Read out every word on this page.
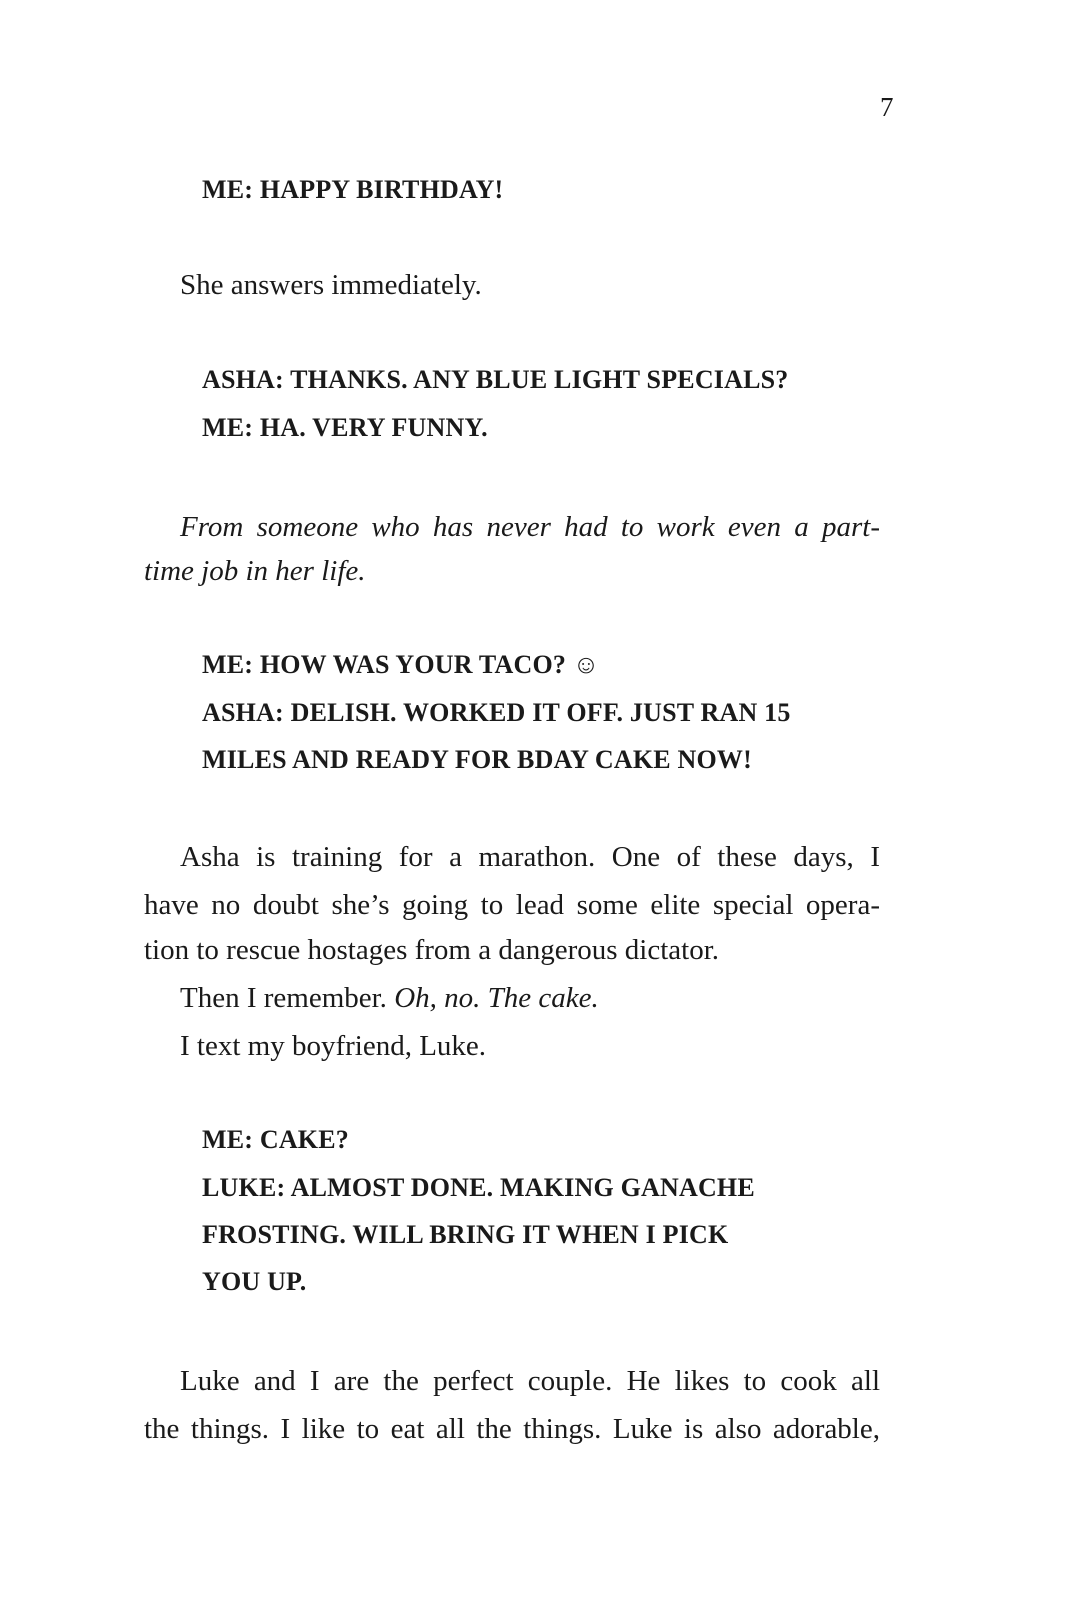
7
ME: HAPPY BIRTHDAY!
She answers immediately.
ASHA: THANKS. ANY BLUE LIGHT SPECIALS?
ME: HA. VERY FUNNY.
From someone who has never had to work even a part-
time job in her life.
ME: HOW WAS YOUR TACO? ☺
ASHA: DELISH. WORKED IT OFF. JUST RAN 15
MILES AND READY FOR BDAY CAKE NOW!
Asha is training for a marathon. One of these days, I
have no doubt she’s going to lead some elite special opera-
tion to rescue hostages from a dangerous dictator.
Then I remember. Oh, no. The cake.
I text my boyfriend, Luke.
ME: CAKE?
LUKE: ALMOST DONE. MAKING GANACHE
FROSTING. WILL BRING IT WHEN I PICK
YOU UP.
Luke and I are the perfect couple. He likes to cook all
the things. I like to eat all the things. Luke is also adorable,
